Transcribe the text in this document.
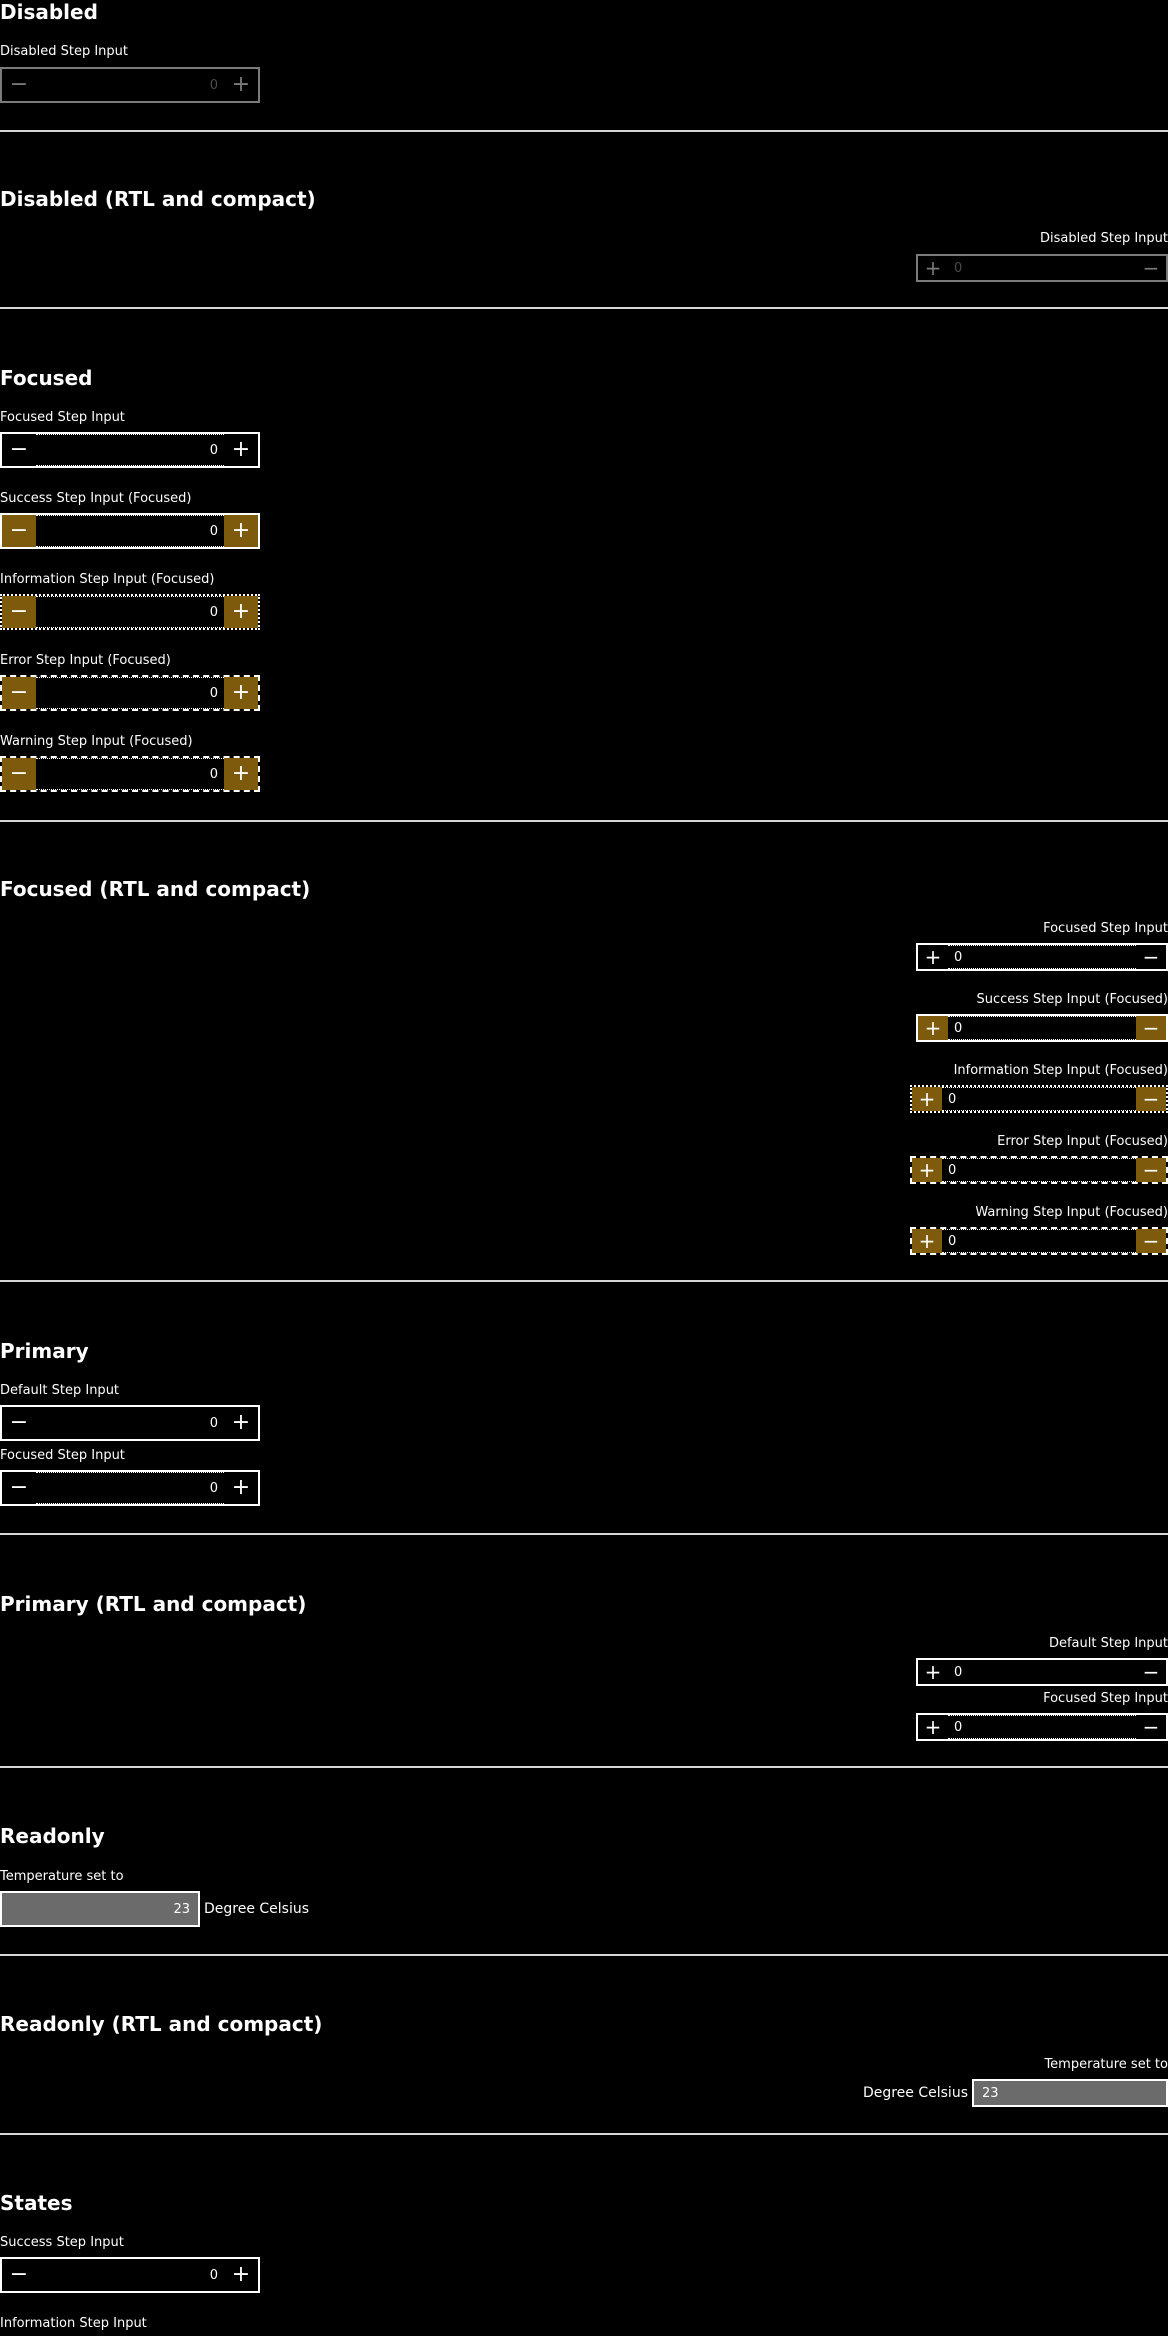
Disabled
Disabled Step Input
−	0 +
Disabled (RTL and compact)
Disabled Step Input
−
0
+
Focused
Focused Step Input
−	0 +
Success Step Input (Focused)
−	0 +
Information Step Input (Focused)
−	0 +
Error Step Input (Focused)
−	0 +
Warning Step Input (Focused)
−	0 +
Focused (RTL and compact)
Focused Step Input
−
0
+
Success Step Input (Focused)
−
0
+
Information Step Input (Focused)
−
0
+
Error Step Input (Focused)
−
0
+
Warning Step Input (Focused)
−
0
+
Primary
Default Step Input
−	0 +
Focused Step Input
−	0 +
Primary (RTL and compact)
Default Step Input
−
0
+
Focused Step Input
−
0
+
Readonly
Temperature set to
23 Degree Celsius
Readonly (RTL and compact)
Temperature set to
23
Degree Celsius
States
Success Step Input
−	0 +
Information Step Input
